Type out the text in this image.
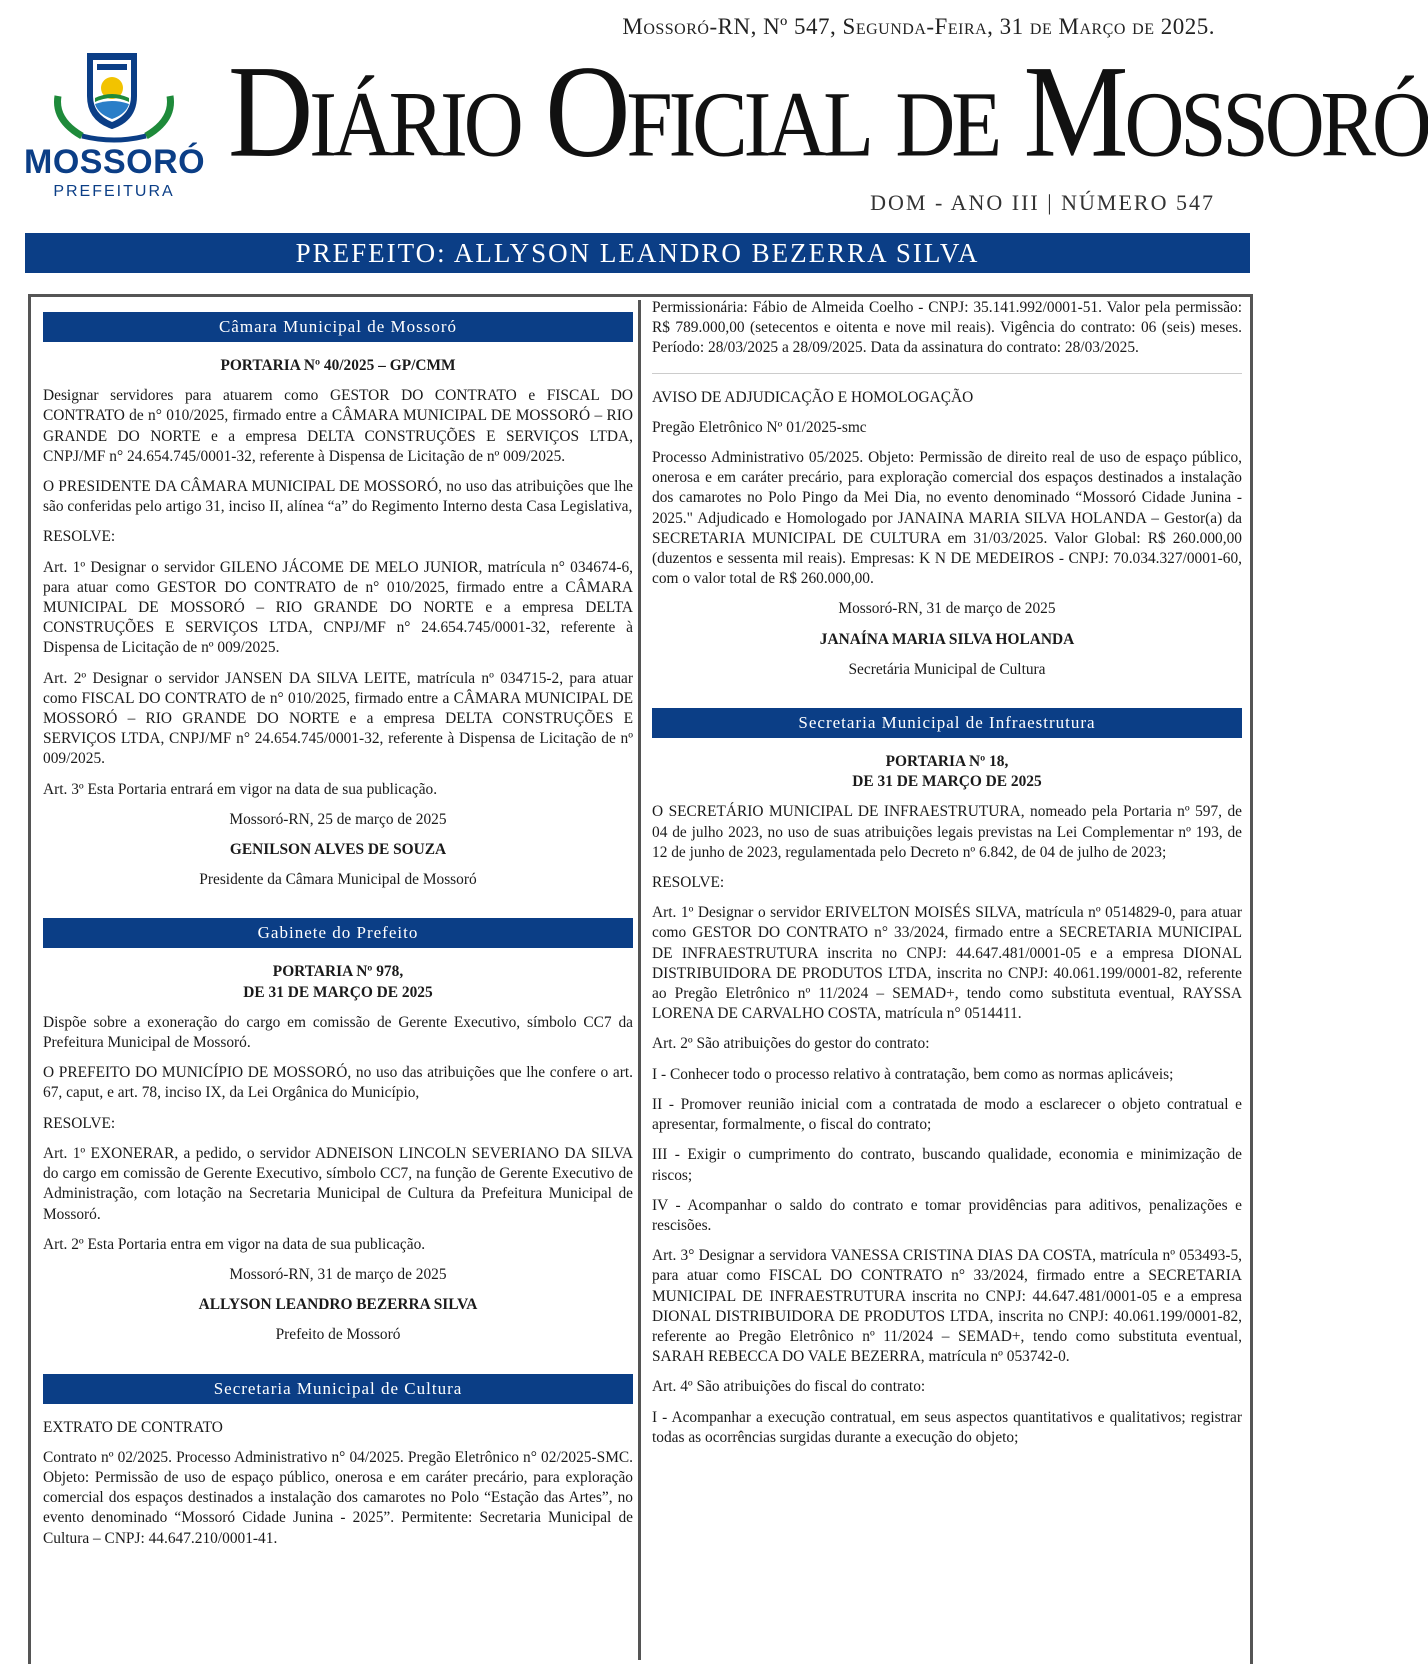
Mossoró-RN, Nº 547, Segunda-Feira, 31 de Março de 2025.
MOSSORÓ
PREFEITURA
Diário Oficial de Mossoró
DOM - ANO III | NÚMERO 547
PREFEITO: ALLYSON LEANDRO BEZERRA SILVA
Câmara Municipal de Mossoró

PORTARIA Nº 40/2025 – GP/CMM

Designar servidores para atuarem como GESTOR DO CONTRATO e FISCAL DO CONTRATO de n° 010/2025, firmado entre a CÂMARA MUNICIPAL DE MOSSORÓ – RIO GRANDE DO NORTE e a empresa DELTA CONSTRUÇÕES E SERVIÇOS LTDA, CNPJ/MF n° 24.654.745/0001-32, referente à Dispensa de Licitação de nº 009/2025.

O PRESIDENTE DA CÂMARA MUNICIPAL DE MOSSORÓ, no uso das atribuições que lhe são conferidas pelo artigo 31, inciso II, alínea “a” do Regimento Interno desta Casa Legislativa,

RESOLVE:

Art. 1º Designar o servidor GILENO JÁCOME DE MELO JUNIOR, matrícula n° 034674-6, para atuar como GESTOR DO CONTRATO de n° 010/2025, firmado entre a CÂMARA MUNICIPAL DE MOSSORÓ – RIO GRANDE DO NORTE e a empresa DELTA CONSTRUÇÕES E SERVIÇOS LTDA, CNPJ/MF n° 24.654.745/0001-32, referente à Dispensa de Licitação de nº 009/2025.

Art. 2º Designar o servidor JANSEN DA SILVA LEITE, matrícula nº 034715-2, para atuar como FISCAL DO CONTRATO de n° 010/2025, firmado entre a CÂMARA MUNICIPAL DE MOSSORÓ – RIO GRANDE DO NORTE e a empresa DELTA CONSTRUÇÕES E SERVIÇOS LTDA, CNPJ/MF n° 24.654.745/0001-32, referente à Dispensa de Licitação de nº 009/2025.

Art. 3º Esta Portaria entrará em vigor na data de sua publicação.

Mossoró-RN, 25 de março de 2025

GENILSON ALVES DE SOUZA

Presidente da Câmara Municipal de Mossoró

Gabinete do Prefeito

PORTARIA Nº 978,

DE 31 DE MARÇO DE 2025

Dispõe sobre a exoneração do cargo em comissão de Gerente Executivo, símbolo CC7 da Prefeitura Municipal de Mossoró.

O PREFEITO DO MUNICÍPIO DE MOSSORÓ, no uso das atribuições que lhe confere o art. 67, caput, e art. 78, inciso IX, da Lei Orgânica do Município,

RESOLVE:

Art. 1º EXONERAR, a pedido, o servidor ADNEISON LINCOLN SEVERIANO DA SILVA do cargo em comissão de Gerente Executivo, símbolo CC7, na função de Gerente Executivo de Administração, com lotação na Secretaria Municipal de Cultura da Prefeitura Municipal de Mossoró.

Art. 2º Esta Portaria entra em vigor na data de sua publicação.

Mossoró-RN, 31 de março de 2025

ALLYSON LEANDRO BEZERRA SILVA

Prefeito de Mossoró

Secretaria Municipal de Cultura

EXTRATO DE CONTRATO

Contrato nº 02/2025. Processo Administrativo n° 04/2025. Pregão Eletrônico n° 02/2025-SMC. Objeto: Permissão de uso de espaço público, onerosa e em caráter precário, para exploração comercial dos espaços destinados a instalação dos camarotes no Polo “Estação das Artes”, no evento denominado “Mossoró Cidade Junina - 2025”. Permitente: Secretaria Municipal de Cultura – CNPJ: 44.647.210/0001-41.

Permissionária: Fábio de Almeida Coelho - CNPJ: 35.141.992/0001-51. Valor pela permissão: R$ 789.000,00 (setecentos e oitenta e nove mil reais). Vigência do contrato: 06 (seis) meses. Período: 28/03/2025 a 28/09/2025. Data da assinatura do contrato: 28/03/2025.

AVISO DE ADJUDICAÇÃO E HOMOLOGAÇÃO

Pregão Eletrônico Nº 01/2025-smc

Processo Administrativo 05/2025. Objeto: Permissão de direito real de uso de espaço público, onerosa e em caráter precário, para exploração comercial dos espaços destinados a instalação dos camarotes no Polo Pingo da Mei Dia, no evento denominado “Mossoró Cidade Junina - 2025." Adjudicado e Homologado por JANAINA MARIA SILVA HOLANDA – Gestor(a) da SECRETARIA MUNICIPAL DE CULTURA em 31/03/2025. Valor Global: R$ 260.000,00 (duzentos e sessenta mil reais). Empresas: K N DE MEDEIROS - CNPJ: 70.034.327/0001-60, com o valor total de R$ 260.000,00.

Mossoró-RN, 31 de março de 2025

JANAÍNA MARIA SILVA HOLANDA

Secretária Municipal de Cultura

Secretaria Municipal de Infraestrutura

PORTARIA Nº 18,

DE 31 DE MARÇO DE 2025

O SECRETÁRIO MUNICIPAL DE INFRAESTRUTURA, nomeado pela Portaria nº 597, de 04 de julho 2023, no uso de suas atribuições legais previstas na Lei Complementar nº 193, de 12 de junho de 2023, regulamentada pelo Decreto nº 6.842, de 04 de julho de 2023;

RESOLVE:

Art. 1º Designar o servidor ERIVELTON MOISÉS SILVA, matrícula nº 0514829-0, para atuar como GESTOR DO CONTRATO n° 33/2024, firmado entre a SECRETARIA MUNICIPAL DE INFRAESTRUTURA inscrita no CNPJ: 44.647.481/0001-05 e a empresa DIONAL DISTRIBUIDORA DE PRODUTOS LTDA, inscrita no CNPJ: 40.061.199/0001-82, referente ao Pregão Eletrônico nº 11/2024 – SEMAD+, tendo como substituta eventual, RAYSSA LORENA DE CARVALHO COSTA, matrícula n° 0514411.

Art. 2º São atribuições do gestor do contrato:

I - Conhecer todo o processo relativo à contratação, bem como as normas aplicáveis;

II - Promover reunião inicial com a contratada de modo a esclarecer o objeto contratual e apresentar, formalmente, o fiscal do contrato;

III - Exigir o cumprimento do contrato, buscando qualidade, economia e minimização de riscos;

IV - Acompanhar o saldo do contrato e tomar providências para aditivos, penalizações e rescisões.

Art. 3° Designar a servidora VANESSA CRISTINA DIAS DA COSTA, matrícula nº 053493-5, para atuar como FISCAL DO CONTRATO n° 33/2024, firmado entre a SECRETARIA MUNICIPAL DE INFRAESTRUTURA inscrita no CNPJ: 44.647.481/0001-05 e a empresa DIONAL DISTRIBUIDORA DE PRODUTOS LTDA, inscrita no CNPJ: 40.061.199/0001-82, referente ao Pregão Eletrônico nº 11/2024 – SEMAD+, tendo como substituta eventual, SARAH REBECCA DO VALE BEZERRA, matrícula nº 053742-0.

Art. 4º São atribuições do fiscal do contrato:

I - Acompanhar a execução contratual, em seus aspectos quantitativos e qualitativos; registrar todas as ocorrências surgidas durante a execução do objeto;
